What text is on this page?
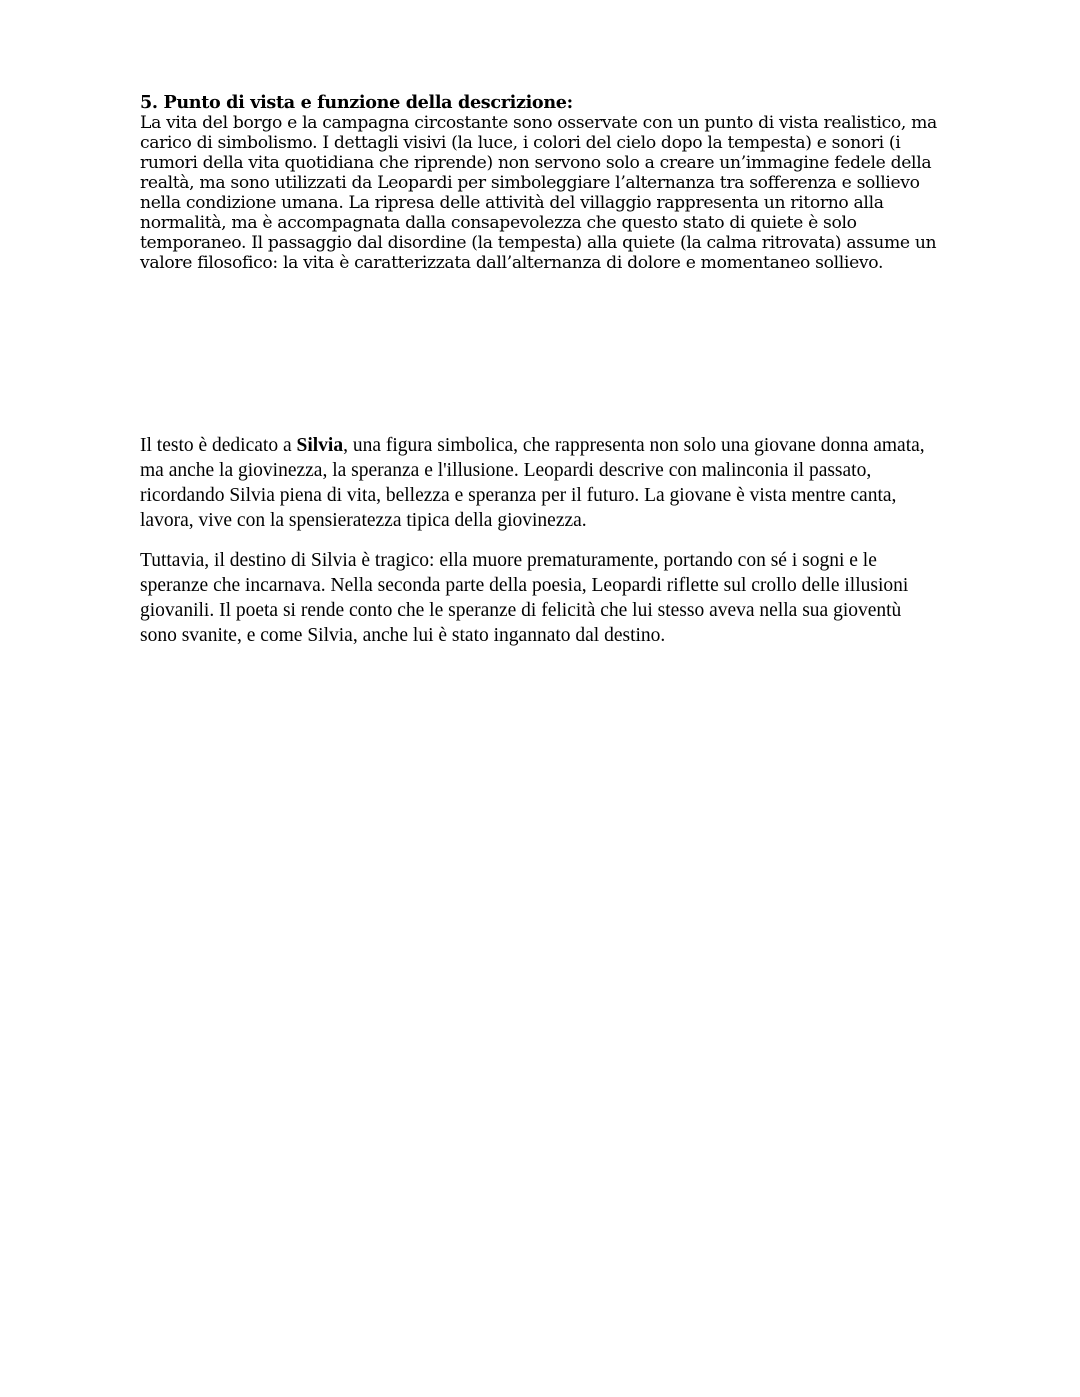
5. Punto di vista e funzione della descrizione:

La vita del borgo e la campagna circostante sono osservate con un punto di vista realistico, ma carico di simbolismo. I dettagli visivi (la luce, i colori del cielo dopo la tempesta) e sonori (i rumori della vita quotidiana che riprende) non servono solo a creare un’immagine fedele della realtà, ma sono utilizzati da Leopardi per simboleggiare l’alternanza tra sofferenza e sollievo nella condizione umana. La ripresa delle attività del villaggio rappresenta un ritorno alla normalità, ma è accompagnata dalla consapevolezza che questo stato di quiete è solo temporaneo. Il passaggio dal disordine (la tempesta) alla quiete (la calma ritrovata) assume un valore filosofico: la vita è caratterizzata dall’alternanza di dolore e momentaneo sollievo.

Il testo è dedicato a Silvia, una figura simbolica, che rappresenta non solo una giovane donna amata, ma anche la giovinezza, la speranza e l'illusione. Leopardi descrive con malinconia il passato, ricordando Silvia piena di vita, bellezza e speranza per il futuro. La giovane è vista mentre canta, lavora, vive con la spensieratezza tipica della giovinezza.

Tuttavia, il destino di Silvia è tragico: ella muore prematuramente, portando con sé i sogni e le speranze che incarnava. Nella seconda parte della poesia, Leopardi riflette sul crollo delle illusioni giovanili. Il poeta si rende conto che le speranze di felicità che lui stesso aveva nella sua gioventù sono svanite, e come Silvia, anche lui è stato ingannato dal destino.
